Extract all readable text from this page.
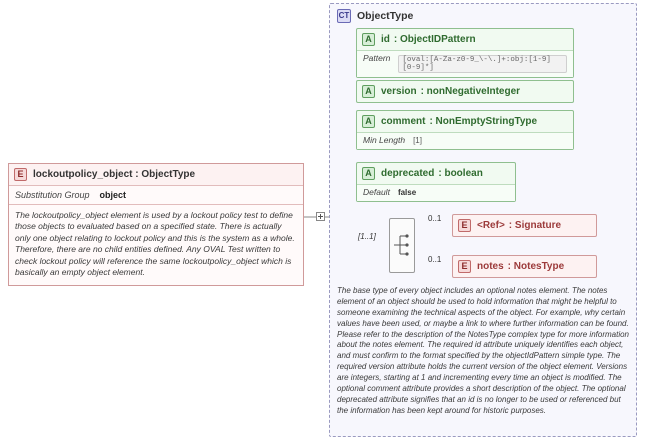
E lockoutpolicy_object : ObjectType
Substitution Group object
The lockoutpolicy_object element is used by a lockout policy test to define those objects to evaluated based on a specified state. There is actually only one object relating to lockout policy and this is the system as a whole. Therefore, there are no child entities defined. Any OVAL Test written to check lockout policy will reference the same lockoutpolicy_object which is basically an empty object element.
CT ObjectType
A id : ObjectIDPattern
Pattern	[oval:[A-Za-z0-9_\-\.]+:obj:[1-9][0-9]*]
A version : nonNegativeInteger
A comment : NonEmptyStringType
Min Length [1]
A deprecated : boolean
Default false
[1..1]
0..1
E <Ref> : Signature
0..1
E notes : NotesType
The base type of every object includes an optional notes element. The notes element of an object should be used to hold information that might be helpful to someone examining the technical aspects of the object. For example, why certain values have been used, or maybe a link to where further information can be found. Please refer to the description of the NotesType complex type for more information about the notes element. The required id attribute uniquely identifies each object, and must confirm to the format specified by the objectIdPattern simple type. The required version attribute holds the current version of the object element. Versions are integers, starting at 1 and incrementing every time an object is modified. The optional comment attribute provides a short description of the object. The optional deprecated attribute signifies that an id is no longer to be used or referenced but the information has been kept around for historic purposes.
